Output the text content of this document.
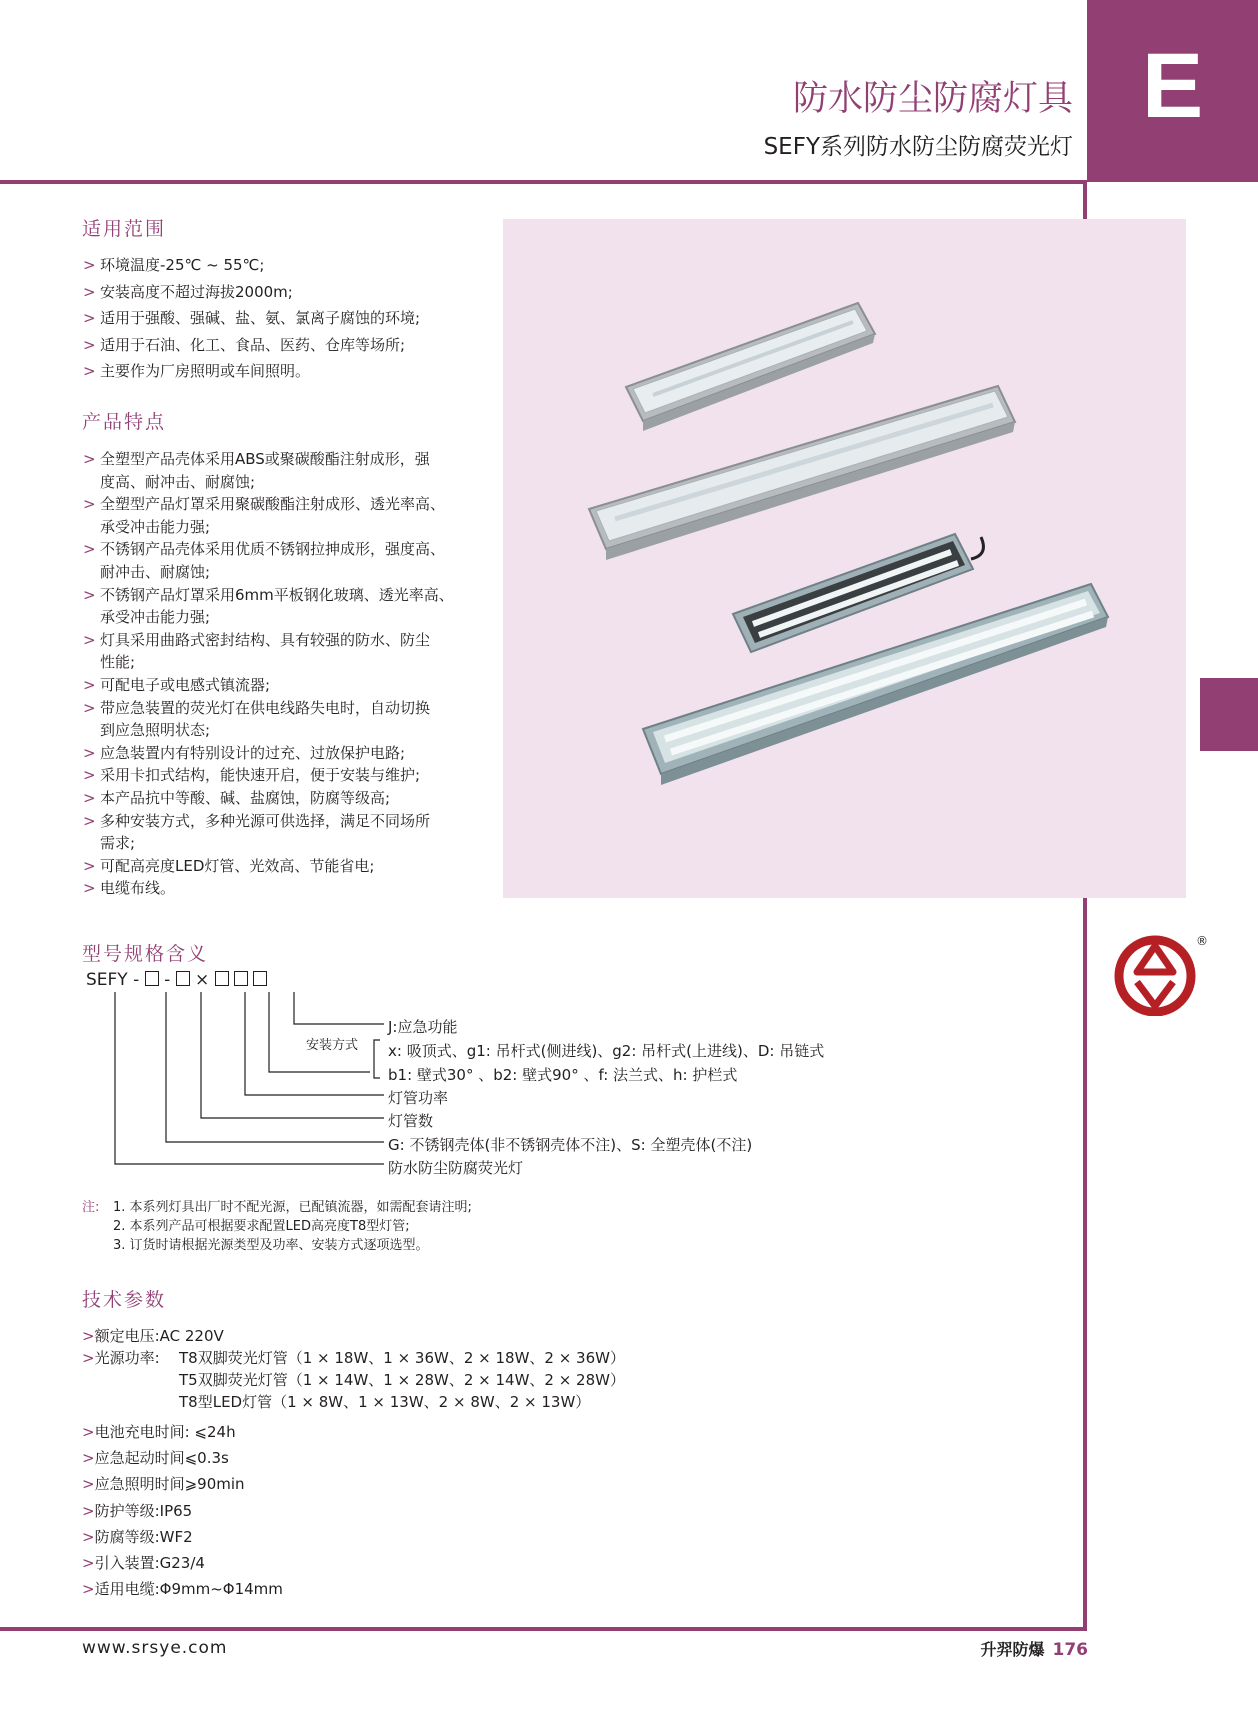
E
防水防尘防腐灯具
SEFY系列防水防尘防腐荧光灯
适用范围
> 环境温度-25℃ ~ 55℃;
> 安装高度不超过海拔2000m;
> 适用于强酸、强碱、盐、氨、氯离子腐蚀的环境;
> 适用于石油、化工、食品、医药、仓库等场所;
> 主要作为厂房照明或车间照明。
产品特点
> 全塑型产品壳体采用ABS或聚碳酸酯注射成形，强
度高、耐冲击、耐腐蚀;
> 全塑型产品灯罩采用聚碳酸酯注射成形、透光率高、
承受冲击能力强;
> 不锈钢产品壳体采用优质不锈钢拉抻成形，强度高、
耐冲击、耐腐蚀;
> 不锈钢产品灯罩采用6mm平板钢化玻璃、透光率高、
承受冲击能力强;
> 灯具采用曲路式密封结构、具有较强的防水、防尘
性能;
> 可配电子或电感式镇流器;
> 带应急装置的荧光灯在供电线路失电时，自动切换
到应急照明状态;
> 应急装置内有特别设计的过充、过放保护电路;
> 采用卡扣式结构，能快速开启，便于安装与维护;
> 本产品抗中等酸、碱、盐腐蚀，防腐等级高;
> 多种安装方式，多种光源可供选择，满足不同场所
需求;
> 可配高亮度LED灯管、光效高、节能省电;
> 电缆布线。
型号规格含义
SEFY - - ×
J:应急功能
安装方式 x: 吸顶式、g1: 吊杆式(侧进线)、g2: 吊杆式(上进线)、D: 吊链式
b1: 壁式30° 、b2: 壁式90° 、f: 法兰式、h: 护栏式
灯管功率
灯管数
G: 不锈钢壳体(非不锈钢壳体不注)、S: 全塑壳体(不注)
防水防尘防腐荧光灯
注: 1. 本系列灯具出厂时不配光源，已配镇流器，如需配套请注明;
2. 本系列产品可根据要求配置LED高亮度T8型灯管;
3. 订货时请根据光源类型及功率、安装方式逐项选型。
技术参数
>额定电压:AC 220V
>光源功率: T8双脚荧光灯管（1 × 18W、1 × 36W、2 × 18W、2 × 36W）
T5双脚荧光灯管（1 × 14W、1 × 28W、2 × 14W、2 × 28W）
T8型LED灯管（1 × 8W、1 × 13W、2 × 8W、2 × 13W）
>电池充电时间: ⩽24h
>应急起动时间⩽0.3s
>应急照明时间⩾90min
>防护等级:IP65
>防腐等级:WF2
>引入装置:G23/4
>适用电缆:Φ9mm~Φ14mm
®
www.srsye.com	升羿防爆 176
